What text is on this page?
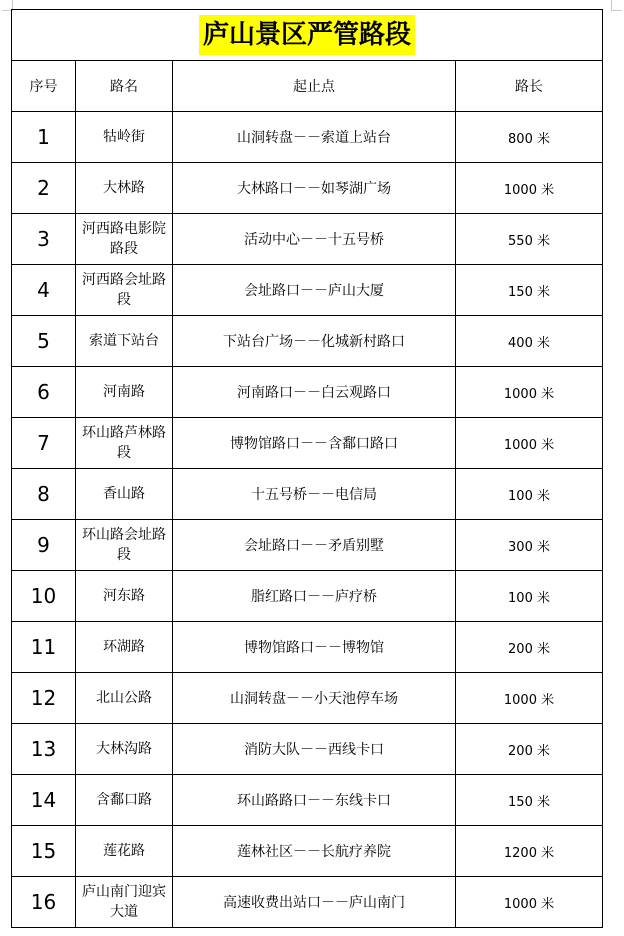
庐山景区严管路段			
序号	路名	起止点	路长
1	牯岭街	山洞转盘－－索道上站台	800 米
2	大林路	大林路口－－如琴湖广场	1000 米
3	河西路电影院路段	活动中心－－十五号桥	550 米
4	河西路会址路段	会址路口－－庐山大厦	150 米
5	索道下站台	下站台广场－－化城新村路口	400 米
6	河南路	河南路口－－白云观路口	1000 米
7	环山路芦林路段	博物馆路口－－含鄱口路口	1000 米
8	香山路	十五号桥－－电信局	100 米
9	环山路会址路段	会址路口－－矛盾别墅	300 米
10	河东路	脂红路口－－庐疗桥	100 米
11	环湖路	博物馆路口－－博物馆	200 米
12	北山公路	山洞转盘－－小天池停车场	1000 米
13	大林沟路	消防大队－－西线卡口	200 米
14	含鄱口路	环山路路口－－东线卡口	150 米
15	莲花路	莲林社区－－长航疗养院	1200 米
16	庐山南门迎宾大道	高速收费出站口－－庐山南门	1000 米
